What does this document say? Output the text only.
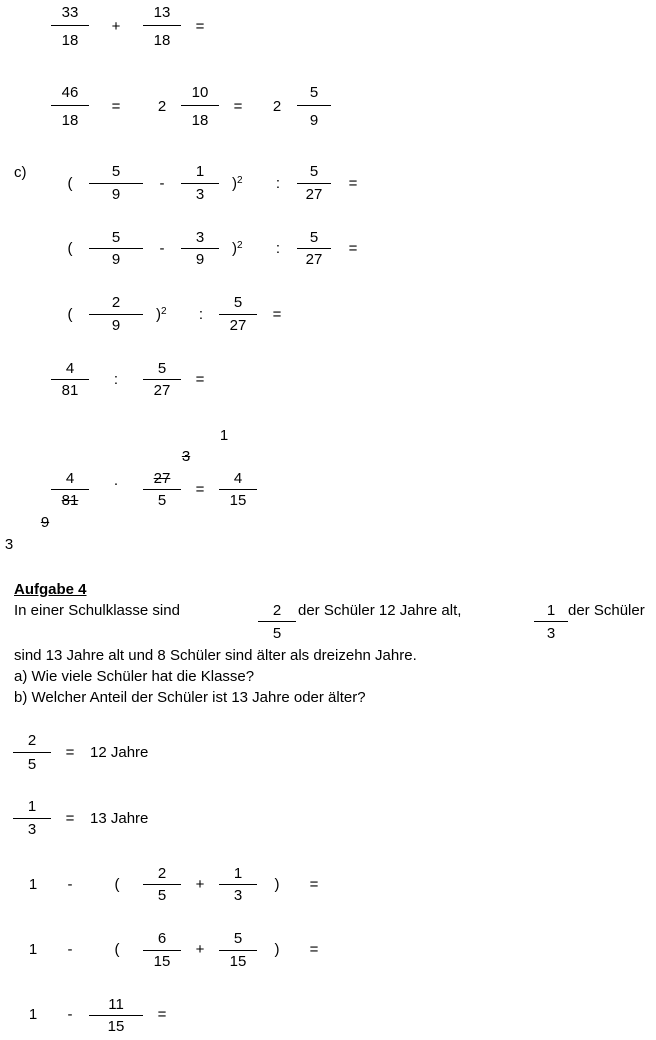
33
18
+
13
18
=
46
18
= 2
10
18
= 2
5
9
c)
(
5
9
-
1
3
)$^2$ :
5
27
=
(
5
9
-
3
9
)$^2$ :
5
27
=
(
2
9
)$^2$ :
5
27
=
4
81
:
5
27
=
1
3
4
81
· 27
5
=
4
15
9
3
Aufgabe 4
In einer Schulklasse sind	2
5
der Schüler 12 Jahre alt,	1
3
der Schüler
sind 13 Jahre alt und 8 Schüler sind älter als dreizehn Jahre.
a) Wie viele Schüler hat die Klasse?
b) Welcher Anteil der Schüler ist 13 Jahre oder älter?
2
5
= 12 Jahre
1
3
= 13 Jahre
1 -	(
2
5
+
1
3
) =
1 -	(
6
15
+
5
15
) =
1 -
11
15
=
